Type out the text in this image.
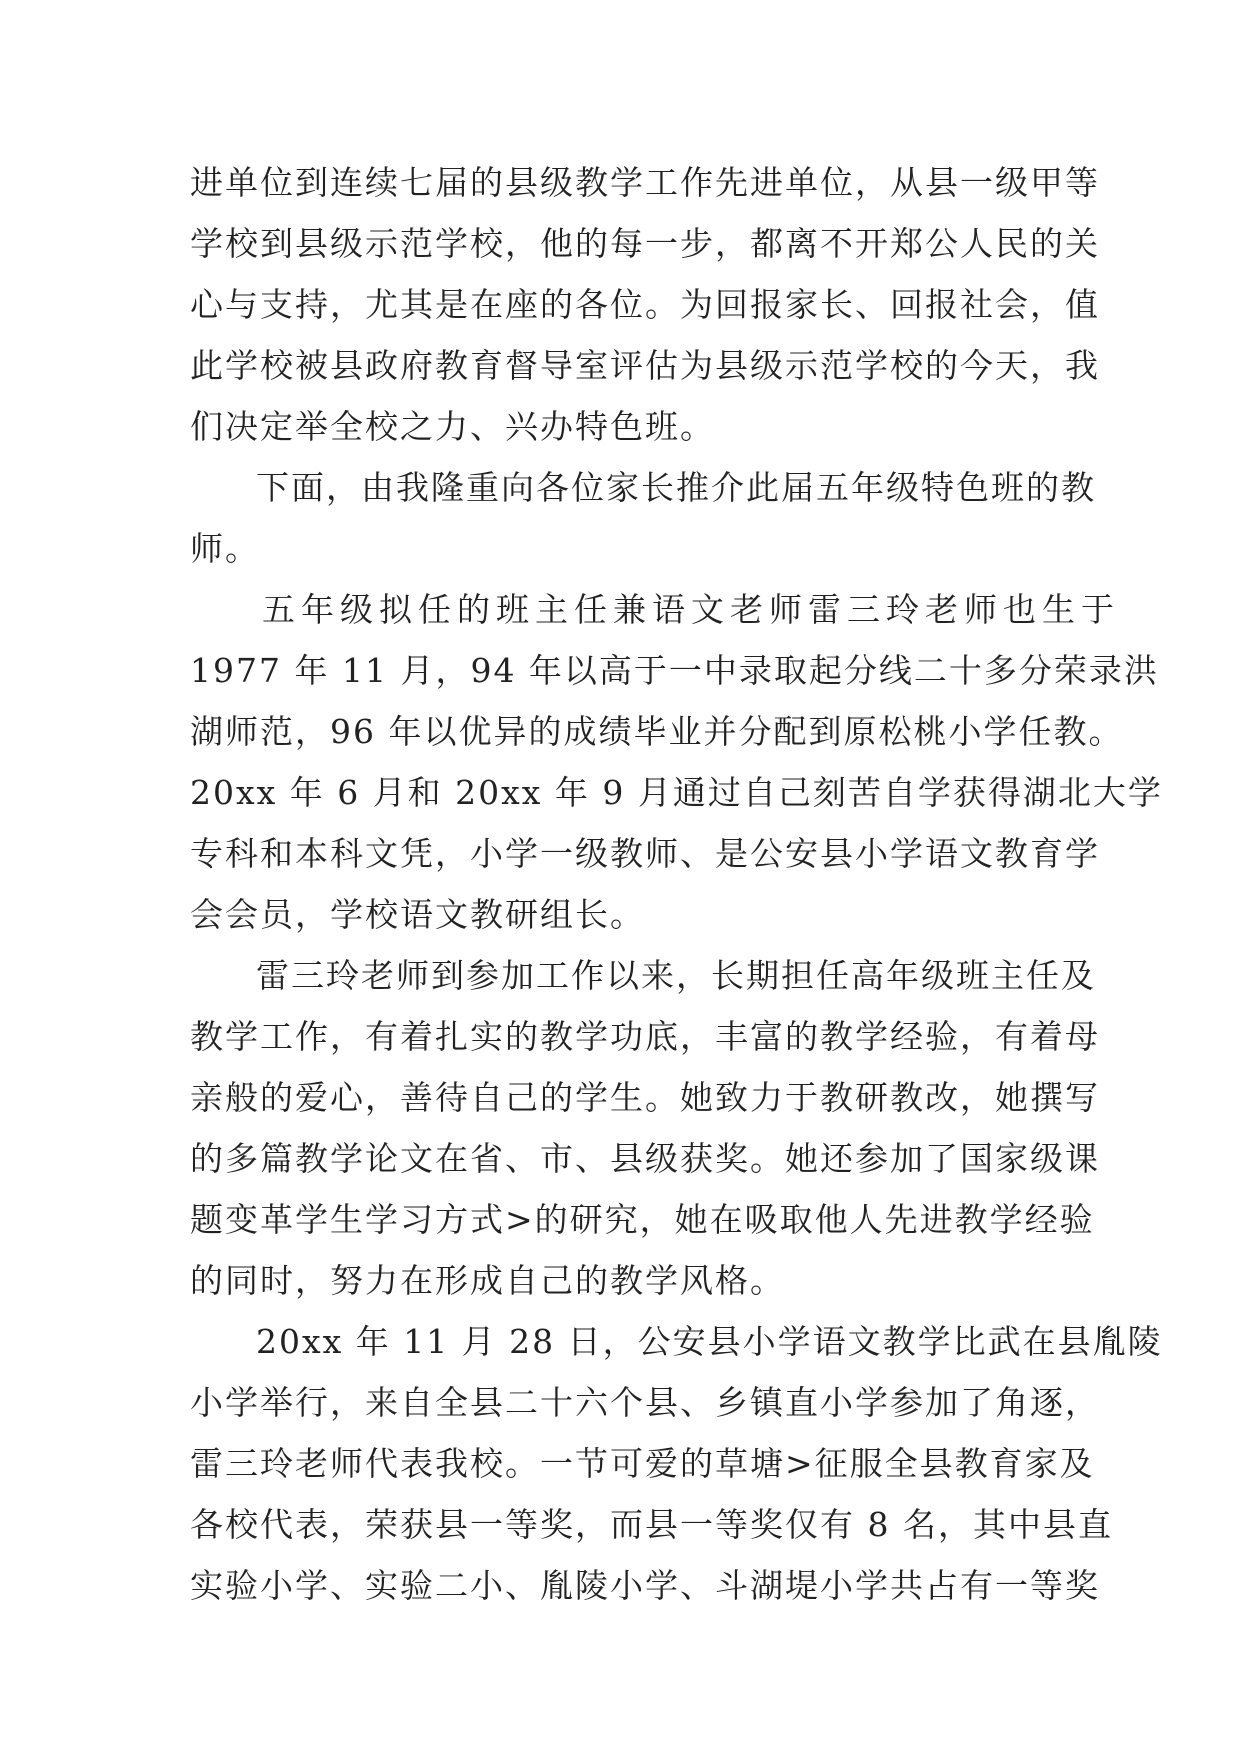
进单位到连续七届的县级教学工作先进单位，从县一级甲等
学校到县级示范学校，他的每一步，都离不开郑公人民的关
心与支持，尤其是在座的各位。为回报家长、回报社会，值
此学校被县政府教育督导室评估为县级示范学校的今天，我
们决定举全校之力、兴办特色班。
下面，由我隆重向各位家长推介此届五年级特色班的教
师。
五年级拟任的班主任兼语文老师雷三玲老师也生于
1977 年 11 月，94 年以高于一中录取起分线二十多分荣录洪
湖师范，96 年以优异的成绩毕业并分配到原松桃小学任教。
20xx 年 6 月和 20xx 年 9 月通过自己刻苦自学获得湖北大学
专科和本科文凭，小学一级教师、是公安县小学语文教育学
会会员，学校语文教研组长。
雷三玲老师到参加工作以来，长期担任高年级班主任及
教学工作，有着扎实的教学功底，丰富的教学经验，有着母
亲般的爱心，善待自己的学生。她致力于教研教改，她撰写
的多篇教学论文在省、市、县级获奖。她还参加了国家级课
题变革学生学习方式>的研究，她在吸取他人先进教学经验
的同时，努力在形成自己的教学风格。
20xx 年 11 月 28 日，公安县小学语文教学比武在县胤陵
小学举行，来自全县二十六个县、乡镇直小学参加了角逐，
雷三玲老师代表我校。一节可爱的草塘>征服全县教育家及
各校代表，荣获县一等奖，而县一等奖仅有 8 名，其中县直
实验小学、实验二小、胤陵小学、斗湖堤小学共占有一等奖
